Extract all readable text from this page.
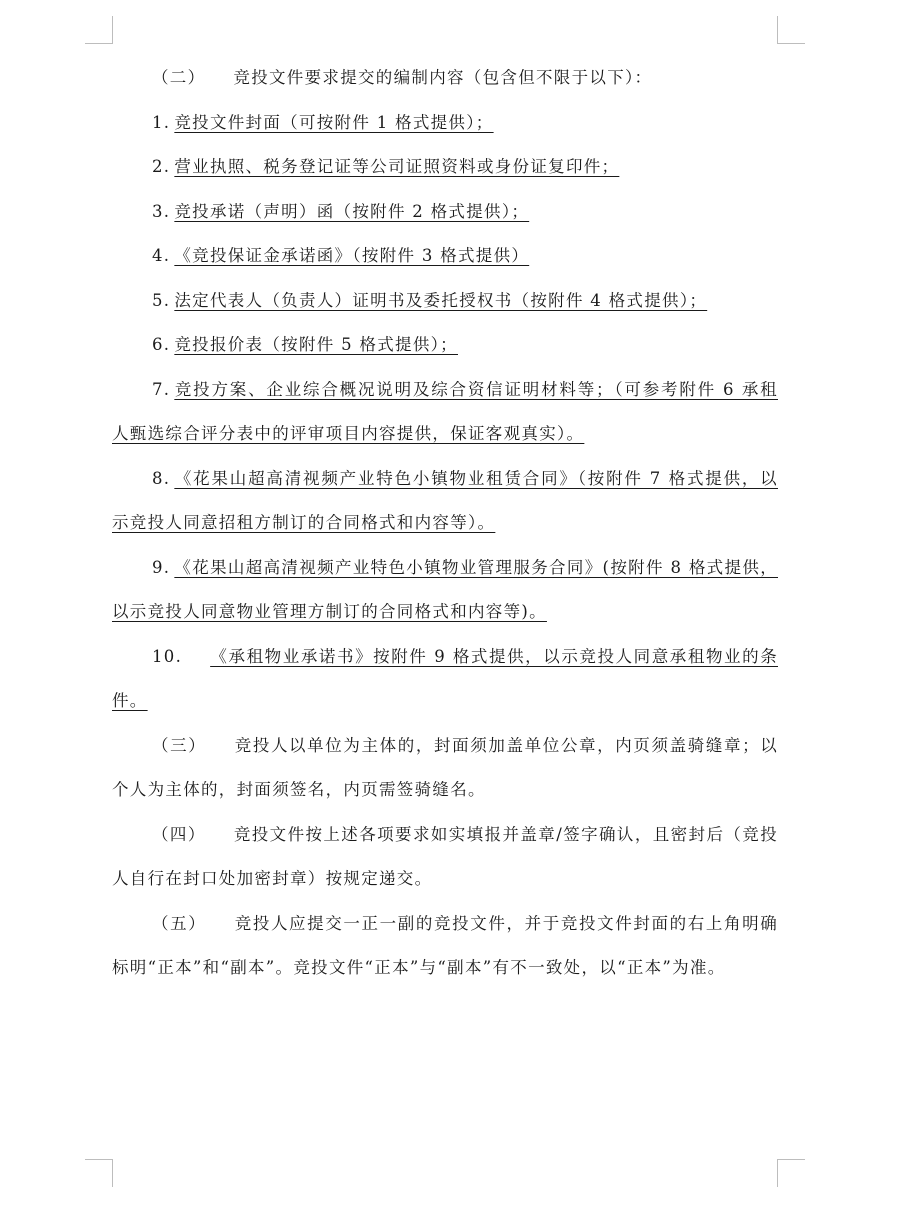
（二） 竞投文件要求提交的编制内容（包含但不限于以下）：

1. 竞投文件封面（可按附件 1 格式提供）；

2. 营业执照、税务登记证等公司证照资料或身份证复印件；

3. 竞投承诺（声明）函（按附件 2 格式提供）；

4. 《竞投保证金承诺函》（按附件 3 格式提供）

5. 法定代表人（负责人）证明书及委托授权书（按附件 4 格式提供）；

6. 竞投报价表（按附件 5 格式提供）；

7. 竞投方案、企业综合概况说明及综合资信证明材料等；（可参考附件 6 承租人甄选综合评分表中的评审项目内容提供，保证客观真实）。

8. 《花果山超高清视频产业特色小镇物业租赁合同》（按附件 7 格式提供，以示竞投人同意招租方制订的合同格式和内容等）。

9. 《花果山超高清视频产业特色小镇物业管理服务合同》(按附件 8 格式提供，以示竞投人同意物业管理方制订的合同格式和内容等)。

10. 《承租物业承诺书》按附件 9 格式提供，以示竞投人同意承租物业的条件。

（三） 竞投人以单位为主体的，封面须加盖单位公章，内页须盖骑缝章；以个人为主体的，封面须签名，内页需签骑缝名。

（四） 竞投文件按上述各项要求如实填报并盖章/签字确认，且密封后（竞投人自行在封口处加密封章）按规定递交。

（五） 竞投人应提交一正一副的竞投文件，并于竞投文件封面的右上角明确标明“正本”和“副本”。竞投文件“正本”与“副本”有不一致处，以“正本”为准。
